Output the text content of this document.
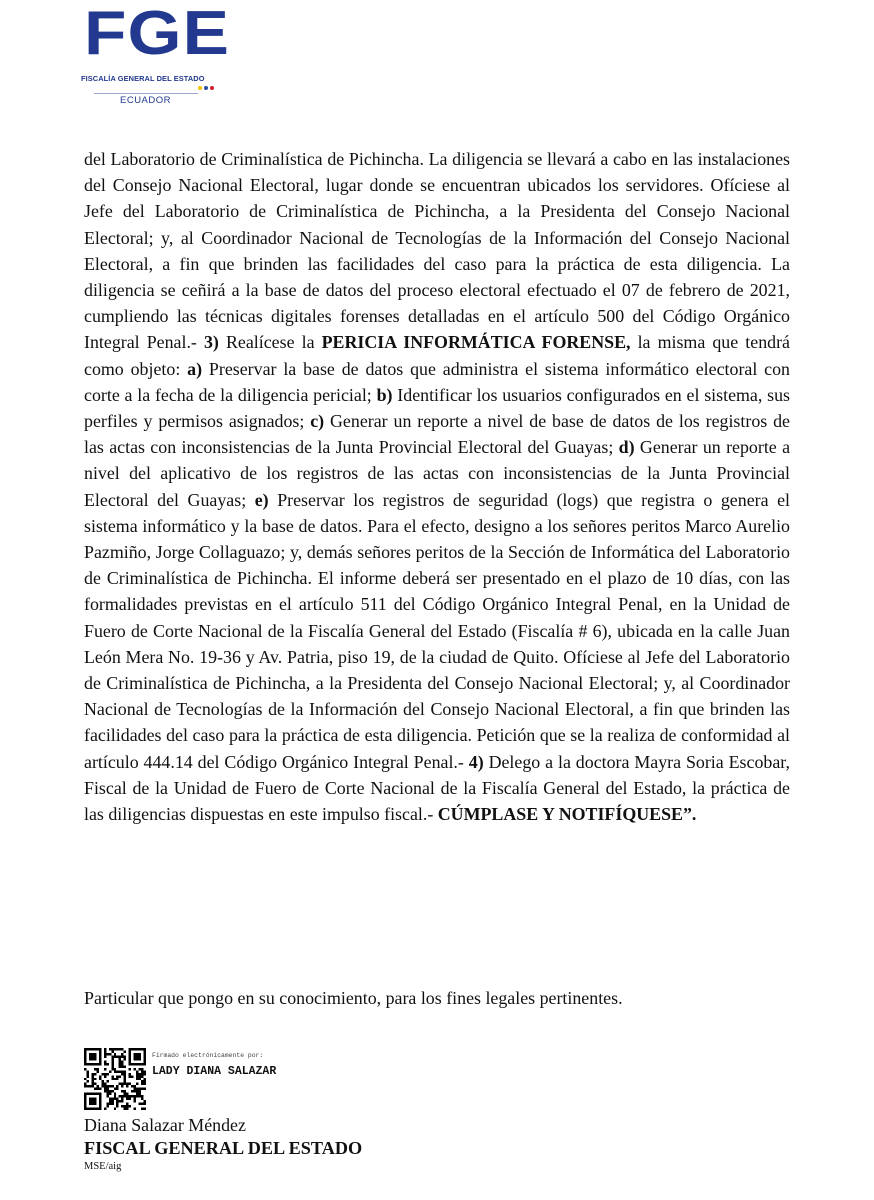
FGE
FISCALÍA GENERAL DEL ESTADO
ECUADOR

del Laboratorio de Criminalística de Pichincha. La diligencia se llevará a cabo en las instalaciones del Consejo Nacional Electoral, lugar donde se encuentran ubicados los servidores. Ofíciese al Jefe del Laboratorio de Criminalística de Pichincha, a la Presidenta del Consejo Nacional Electoral; y, al Coordinador Nacional de Tecnologías de la Información del Consejo Nacional Electoral, a fin que brinden las facilidades del caso para la práctica de esta diligencia. La diligencia se ceñirá a la base de datos del proceso electoral efectuado el 07 de febrero de 2021, cumpliendo las técnicas digitales forenses detalladas en el artículo 500 del Código Orgánico Integral Penal.- 3) Realícese la PERICIA INFORMÁTICA FORENSE, la misma que tendrá como objeto: a) Preservar la base de datos que administra el sistema informático electoral con corte a la fecha de la diligencia pericial; b) Identificar los usuarios configurados en el sistema, sus perfiles y permisos asignados; c) Generar un reporte a nivel de base de datos de los registros de las actas con inconsistencias de la Junta Provincial Electoral del Guayas; d) Generar un reporte a nivel del aplicativo de los registros de las actas con inconsistencias de la Junta Provincial Electoral del Guayas; e) Preservar los registros de seguridad (logs) que registra o genera el sistema informático y la base de datos. Para el efecto, designo a los señores peritos Marco Aurelio Pazmiño, Jorge Collaguazo; y, demás señores peritos de la Sección de Informática del Laboratorio de Criminalística de Pichincha. El informe deberá ser presentado en el plazo de 10 días, con las formalidades previstas en el artículo 511 del Código Orgánico Integral Penal, en la Unidad de Fuero de Corte Nacional de la Fiscalía General del Estado (Fiscalía # 6), ubicada en la calle Juan León Mera No. 19-36 y Av. Patria, piso 19, de la ciudad de Quito. Ofíciese al Jefe del Laboratorio de Criminalística de Pichincha, a la Presidenta del Consejo Nacional Electoral; y, al Coordinador Nacional de Tecnologías de la Información del Consejo Nacional Electoral, a fin que brinden las facilidades del caso para la práctica de esta diligencia. Petición que se la realiza de conformidad al artículo 444.14 del Código Orgánico Integral Penal.- 4) Delego a la doctora Mayra Soria Escobar, Fiscal de la Unidad de Fuero de Corte Nacional de la Fiscalía General del Estado, la práctica de las diligencias dispuestas en este impulso fiscal.- CÚMPLASE Y NOTIFÍQUESE”.

Particular que pongo en su conocimiento, para los fines legales pertinentes.

Firmado electrónicamente por:
LADY DIANA SALAZAR
Diana Salazar Méndez
FISCAL GENERAL DEL ESTADO
MSE/aig
